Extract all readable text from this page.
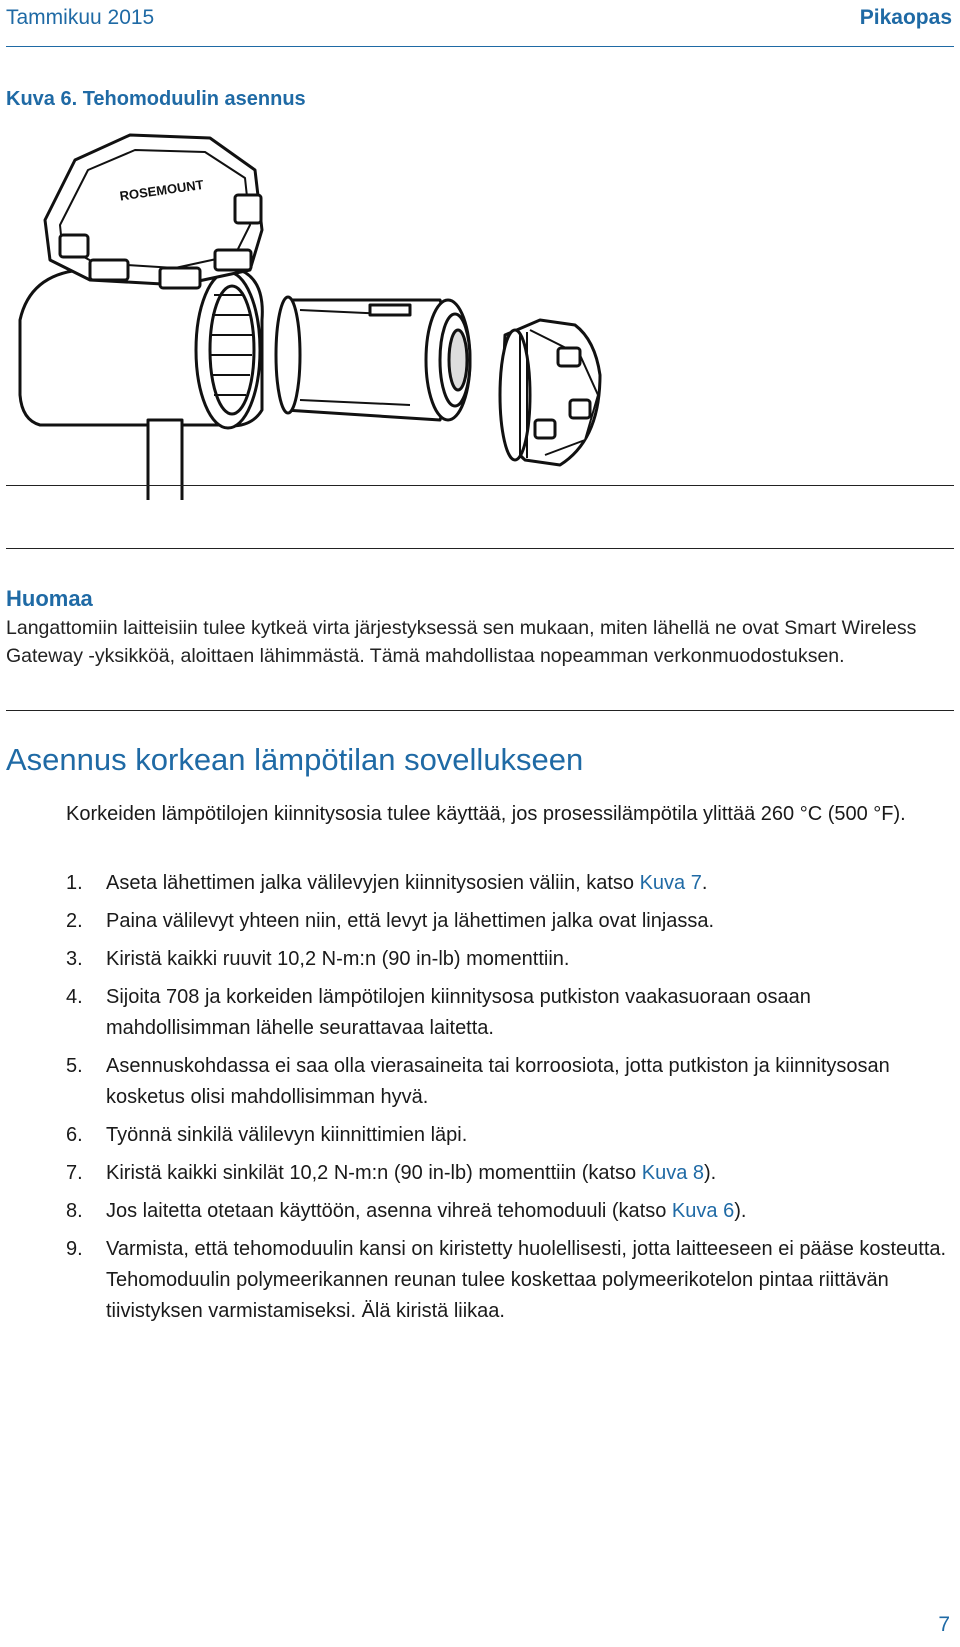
Tammikuu 2015	Pikaopas
Kuva 6. Tehomoduulin asennus
ROSEMOUNT
Huomaa
Langattomiin laitteisiin tulee kytkeä virta järjestyksessä sen mukaan, miten lähellä ne ovat Smart Wireless Gateway -yksikköä, aloittaen lähimmästä. Tämä mahdollistaa nopeamman verkonmuodostuksen.
Asennus korkean lämpötilan sovellukseen
Korkeiden lämpötilojen kiinnitysosia tulee käyttää, jos prosessilämpötila ylittää 260 °C (500 °F).
1.	Aseta lähettimen jalka välilevyjen kiinnitysosien väliin, katso Kuva 7.
2.	Paina välilevyt yhteen niin, että levyt ja lähettimen jalka ovat linjassa.
3.	Kiristä kaikki ruuvit 10,2 N-m:n (90 in-lb) momenttiin.
4.	Sijoita 708 ja korkeiden lämpötilojen kiinnitysosa putkiston vaakasuoraan osaan mahdollisimman lähelle seurattavaa laitetta.
5.	Asennuskohdassa ei saa olla vierasaineita tai korroosiota, jotta putkiston ja kiinnitysosan kosketus olisi mahdollisimman hyvä.
6.	Työnnä sinkilä välilevyn kiinnittimien läpi.
7.	Kiristä kaikki sinkilät 10,2 N-m:n (90 in-lb) momenttiin (katso Kuva 8).
8.	Jos laitetta otetaan käyttöön, asenna vihreä tehomoduuli (katso Kuva 6).
9.	Varmista, että tehomoduulin kansi on kiristetty huolellisesti, jotta laitteeseen ei pääse kosteutta. Tehomoduulin polymeerikannen reunan tulee koskettaa polymeerikotelon pintaa riittävän tiivistyksen varmistamiseksi. Älä kiristä liikaa.
7
